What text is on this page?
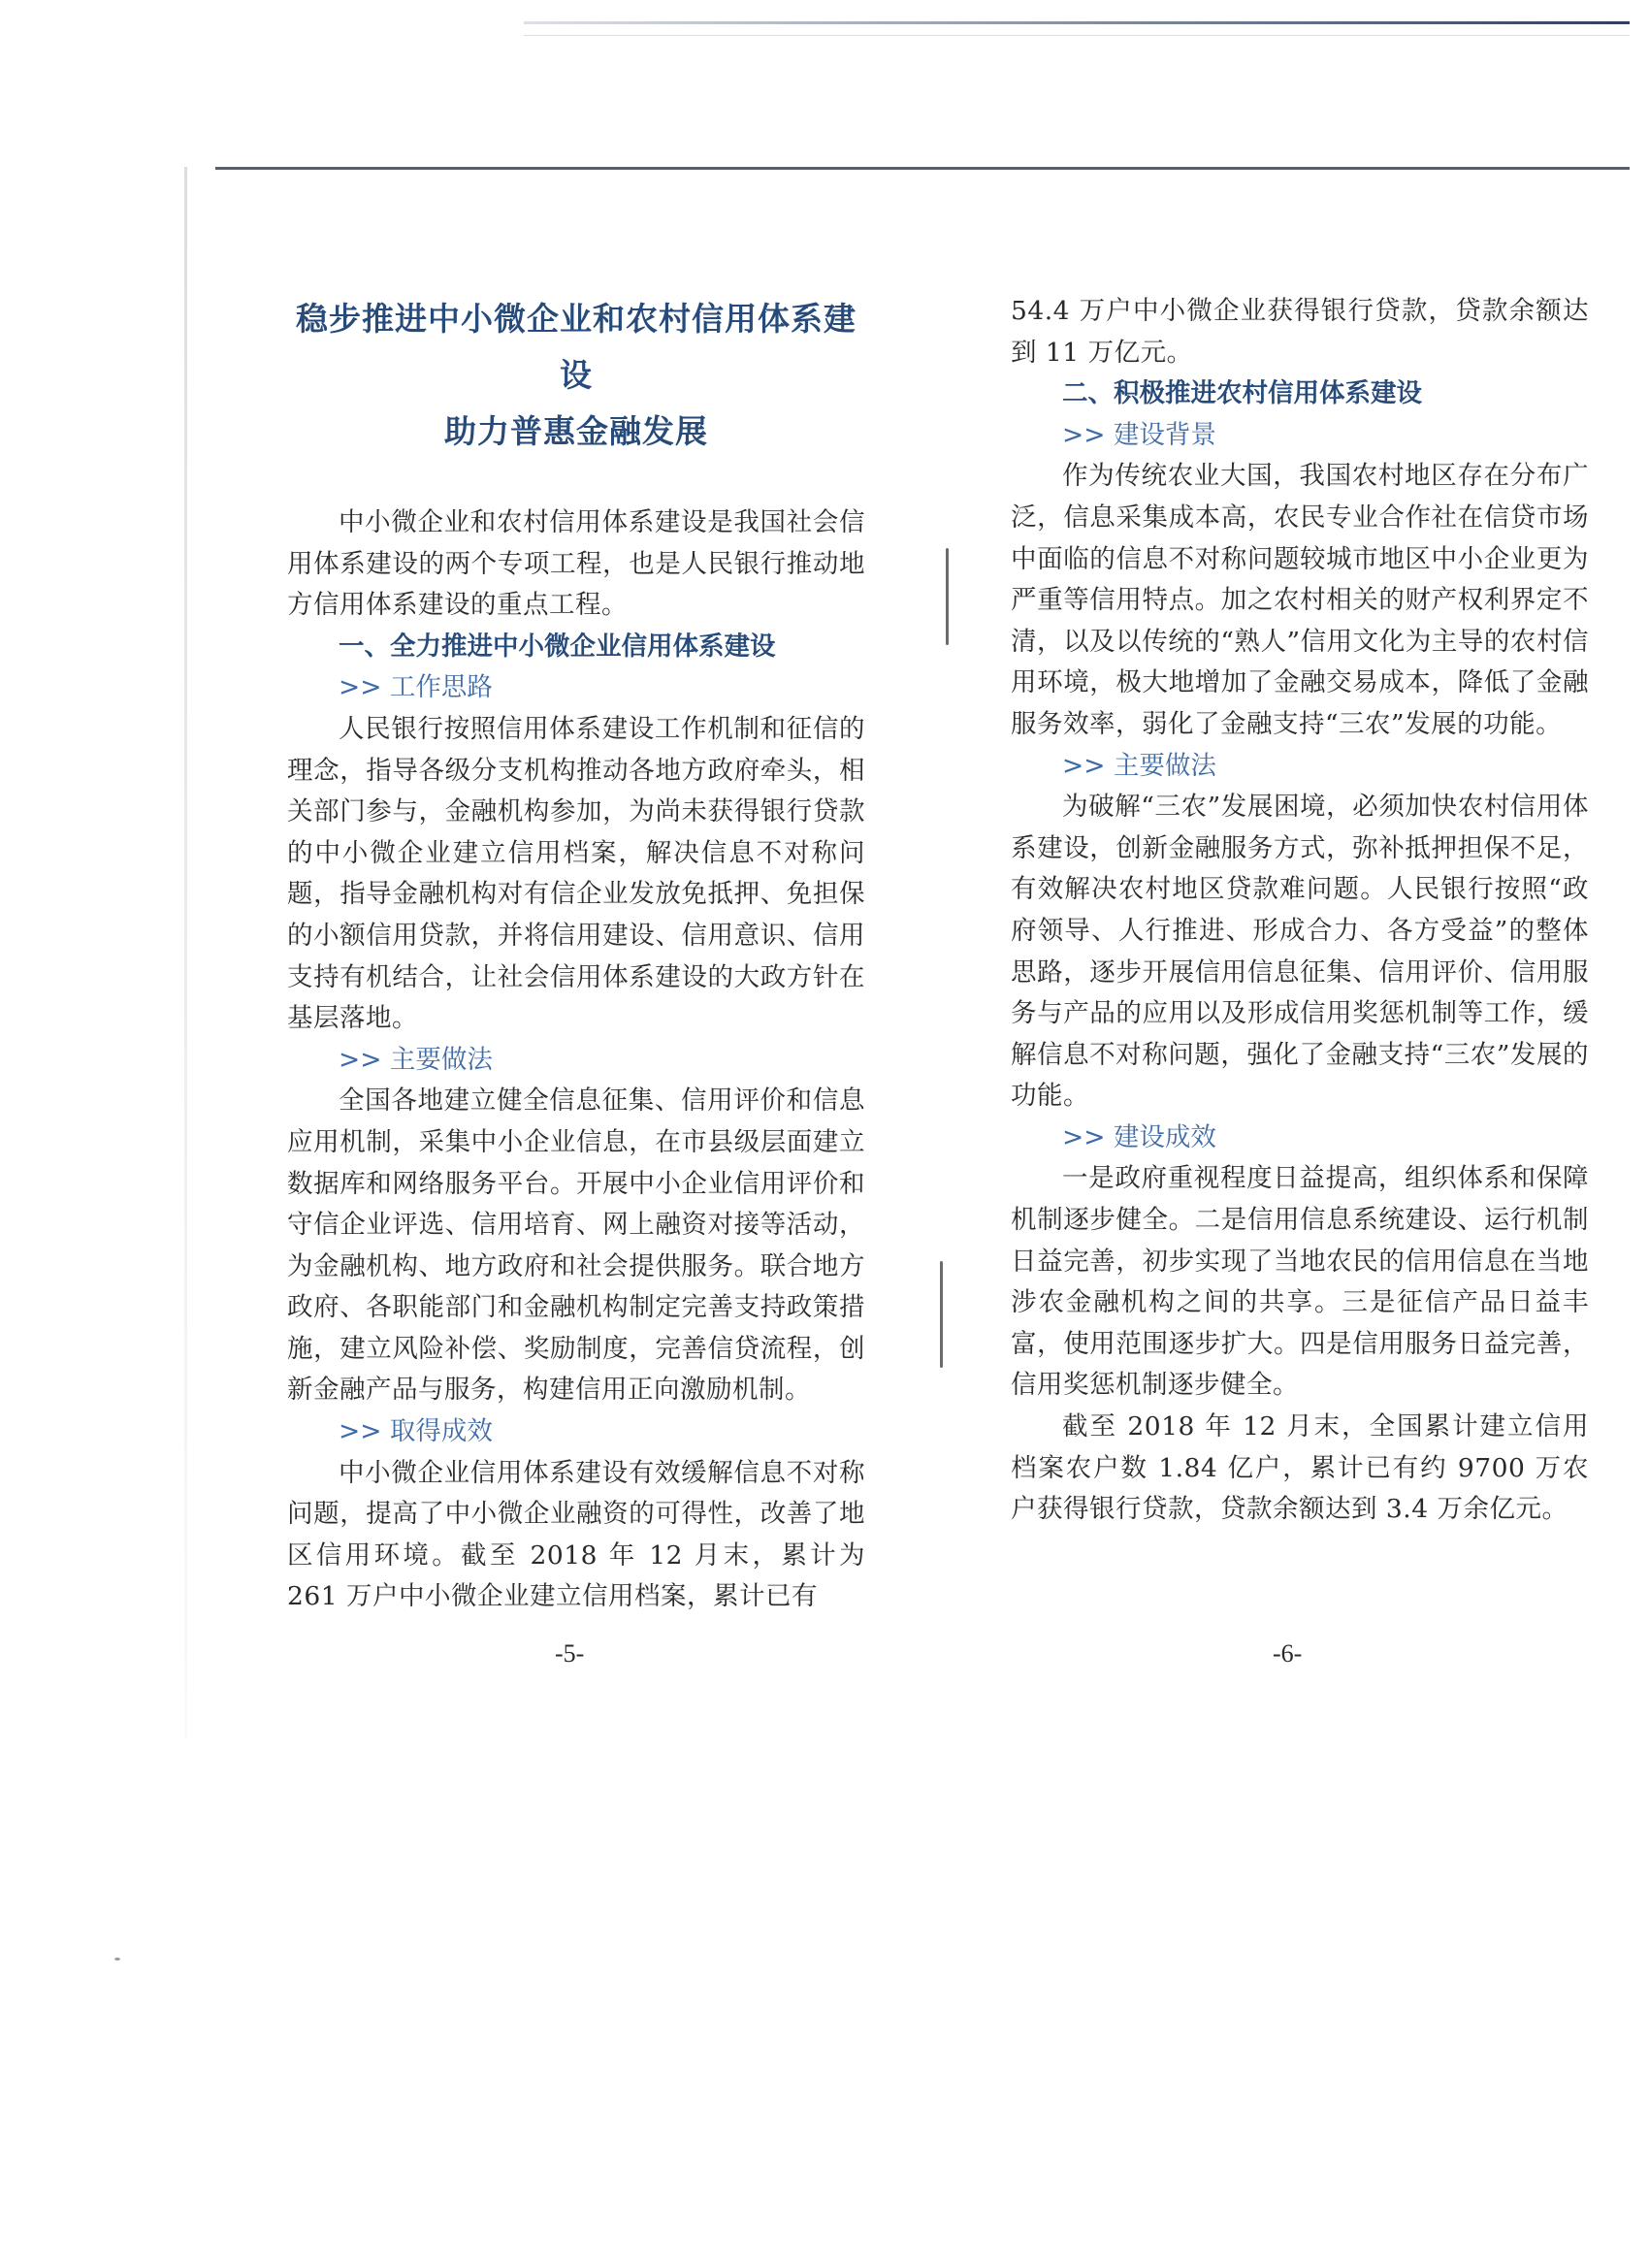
稳步推进中小微企业和农村信用体系建设

助力普惠金融发展

中小微企业和农村信用体系建设是我国社会信用体系建设的两个专项工程，也是人民银行推动地方信用体系建设的重点工程。

一、全力推进中小微企业信用体系建设

>> 工作思路

人民银行按照信用体系建设工作机制和征信的理念，指导各级分支机构推动各地方政府牵头，相关部门参与，金融机构参加，为尚未获得银行贷款的中小微企业建立信用档案，解决信息不对称问题，指导金融机构对有信企业发放免抵押、免担保的小额信用贷款，并将信用建设、信用意识、信用支持有机结合，让社会信用体系建设的大政方针在基层落地。

>> 主要做法

全国各地建立健全信息征集、信用评价和信息应用机制，采集中小企业信息，在市县级层面建立数据库和网络服务平台。开展中小企业信用评价和守信企业评选、信用培育、网上融资对接等活动，为金融机构、地方政府和社会提供服务。联合地方政府、各职能部门和金融机构制定完善支持政策措施，建立风险补偿、奖励制度，完善信贷流程，创新金融产品与服务，构建信用正向激励机制。

>> 取得成效

中小微企业信用体系建设有效缓解信息不对称问题，提高了中小微企业融资的可得性，改善了地区信用环境。截至 2018 年 12 月末，累计为 261 万户中小微企业建立信用档案，累计已有

-5-

54.4 万户中小微企业获得银行贷款，贷款余额达到 11 万亿元。

二、积极推进农村信用体系建设

>> 建设背景

作为传统农业大国，我国农村地区存在分布广泛，信息采集成本高，农民专业合作社在信贷市场中面临的信息不对称问题较城市地区中小企业更为严重等信用特点。加之农村相关的财产权利界定不清，以及以传统的“熟人”信用文化为主导的农村信用环境，极大地增加了金融交易成本，降低了金融服务效率，弱化了金融支持“三农”发展的功能。

>> 主要做法

为破解“三农”发展困境，必须加快农村信用体系建设，创新金融服务方式，弥补抵押担保不足，有效解决农村地区贷款难问题。人民银行按照“政府领导、人行推进、形成合力、各方受益”的整体思路，逐步开展信用信息征集、信用评价、信用服务与产品的应用以及形成信用奖惩机制等工作，缓解信息不对称问题，强化了金融支持“三农”发展的功能。

>> 建设成效

一是政府重视程度日益提高，组织体系和保障机制逐步健全。二是信用信息系统建设、运行机制日益完善，初步实现了当地农民的信用信息在当地涉农金融机构之间的共享。三是征信产品日益丰富，使用范围逐步扩大。四是信用服务日益完善，信用奖惩机制逐步健全。

截至 2018 年 12 月末，全国累计建立信用档案农户数 1.84 亿户，累计已有约 9700 万农户获得银行贷款，贷款余额达到 3.4 万余亿元。

-6-
